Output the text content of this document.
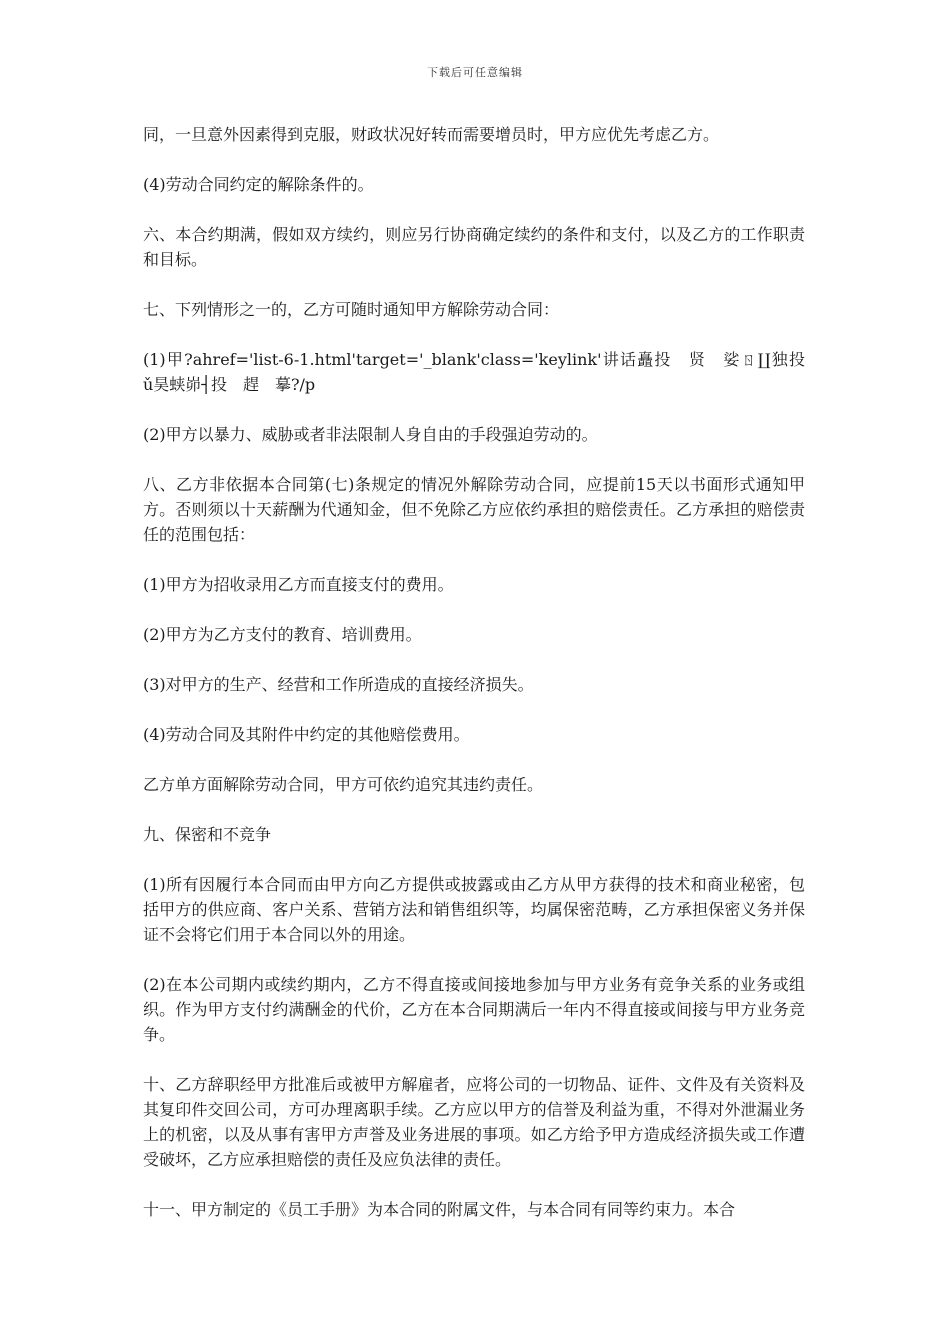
下载后可任意编辑

同，一旦意外因素得到克服，财政状况好转而需要增员时，甲方应优先考虑乙方。

(4)劳动合同约定的解除条件的。

六、本合约期满，假如双方续约，则应另行协商确定续约的条件和支付，以及乙方的工作职责和目标。

七、下列情形之一的，乙方可随时通知甲方解除劳动合同：

(1)甲?ahref='list-6-1.html'target='_blank'class='keylink'讲话矗投　贤　娑ㄖ∐独投　ǔ昊蛱峁┤投　趕　摹?/p

(2)甲方以暴力、威胁或者非法限制人身自由的手段强迫劳动的。

八、乙方非依据本合同第(七)条规定的情况外解除劳动合同，应提前15天以书面形式通知甲方。否则须以十天薪酬为代通知金，但不免除乙方应依约承担的赔偿责任。乙方承担的赔偿责任的范围包括：

(1)甲方为招收录用乙方而直接支付的费用。

(2)甲方为乙方支付的教育、培训费用。

(3)对甲方的生产、经营和工作所造成的直接经济损失。

(4)劳动合同及其附件中约定的其他赔偿费用。

乙方单方面解除劳动合同，甲方可依约追究其违约责任。

九、保密和不竞争

(1)所有因履行本合同而由甲方向乙方提供或披露或由乙方从甲方获得的技术和商业秘密，包括甲方的供应商、客户关系、营销方法和销售组织等，均属保密范畴，乙方承担保密义务并保证不会将它们用于本合同以外的用途。

(2)在本公司期内或续约期内，乙方不得直接或间接地参加与甲方业务有竞争关系的业务或组织。作为甲方支付约满酬金的代价，乙方在本合同期满后一年内不得直接或间接与甲方业务竞争。

十、乙方辞职经甲方批准后或被甲方解雇者，应将公司的一切物品、证件、文件及有关资料及其复印件交回公司，方可办理离职手续。乙方应以甲方的信誉及利益为重，不得对外泄漏业务上的机密，以及从事有害甲方声誉及业务进展的事项。如乙方给予甲方造成经济损失或工作遭受破坏，乙方应承担赔偿的责任及应负法律的责任。

十一、甲方制定的《员工手册》为本合同的附属文件，与本合同有同等约束力。本合
